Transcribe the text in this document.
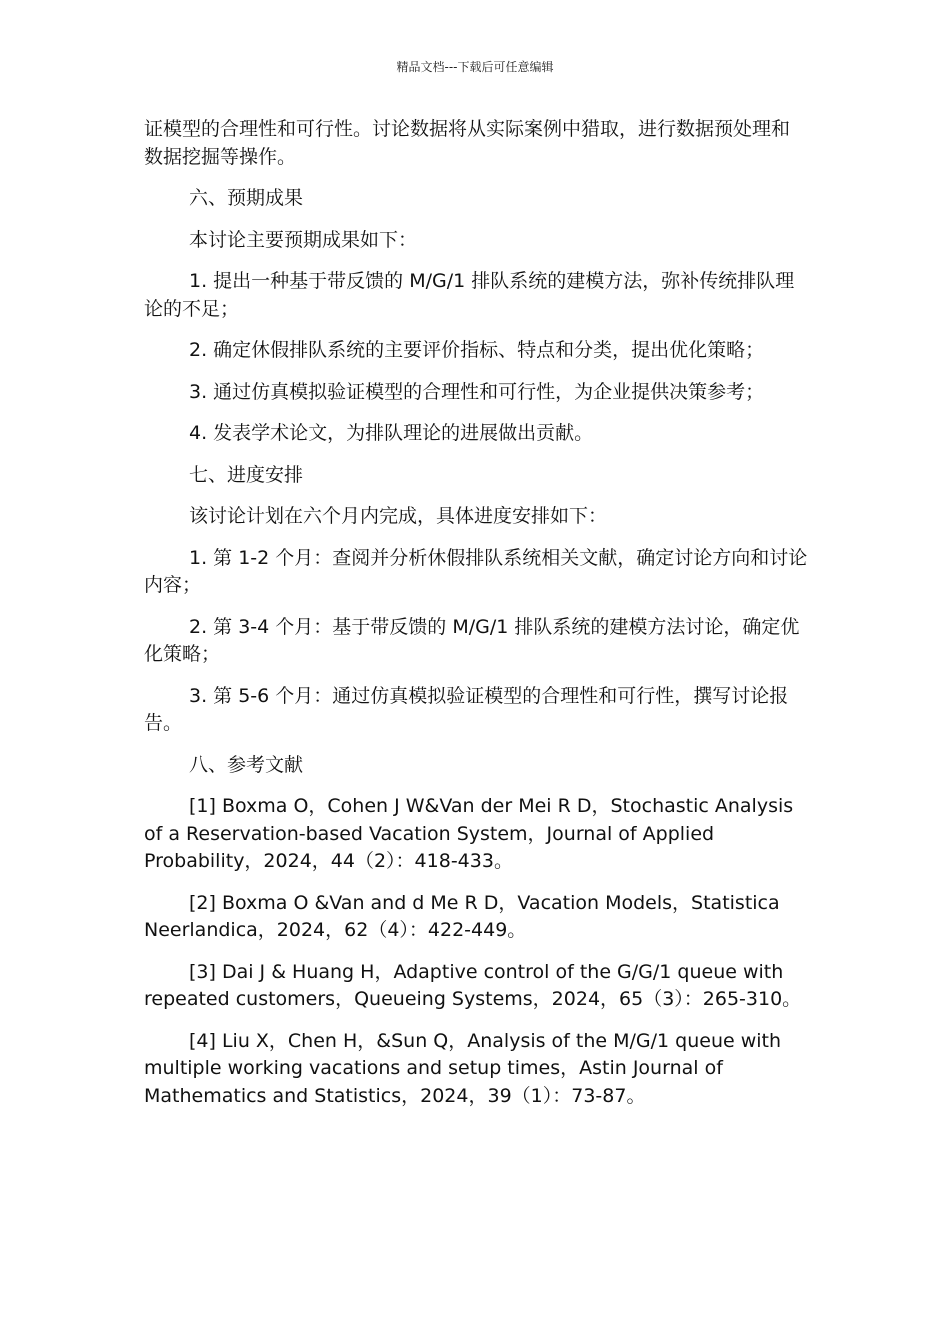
精品文档---下载后可任意编辑

证模型的合理性和可行性。讨论数据将从实际案例中猎取，进行数据预处理和数据挖掘等操作。

六、预期成果

本讨论主要预期成果如下：

1. 提出一种基于带反馈的 M/G/1 排队系统的建模方法，弥补传统排队理论的不足；

2. 确定休假排队系统的主要评价指标、特点和分类，提出优化策略；

3. 通过仿真模拟验证模型的合理性和可行性，为企业提供决策参考；

4. 发表学术论文，为排队理论的进展做出贡献。

七、进度安排

该讨论计划在六个月内完成，具体进度安排如下：

1. 第 1-2 个月：查阅并分析休假排队系统相关文献，确定讨论方向和讨论内容；

2. 第 3-4 个月：基于带反馈的 M/G/1 排队系统的建模方法讨论，确定优化策略；

3. 第 5-6 个月：通过仿真模拟验证模型的合理性和可行性，撰写讨论报告。

八、参考文献

[1] Boxma O，Cohen J W&Van der Mei R D，Stochastic Analysis of a Reservation-based Vacation System，Journal of Applied Probability，2024，44（2）：418-433。

[2] Boxma O &Van and d Me R D，Vacation Models，Statistica Neerlandica，2024，62（4）：422-449。

[3] Dai J & Huang H，Adaptive control of the G/G/1 queue with repeated customers，Queueing Systems，2024，65（3）：265-310。

[4] Liu X，Chen H，&Sun Q，Analysis of the M/G/1 queue with multiple working vacations and setup times，Astin Journal of Mathematics and Statistics，2024，39（1）：73-87。
